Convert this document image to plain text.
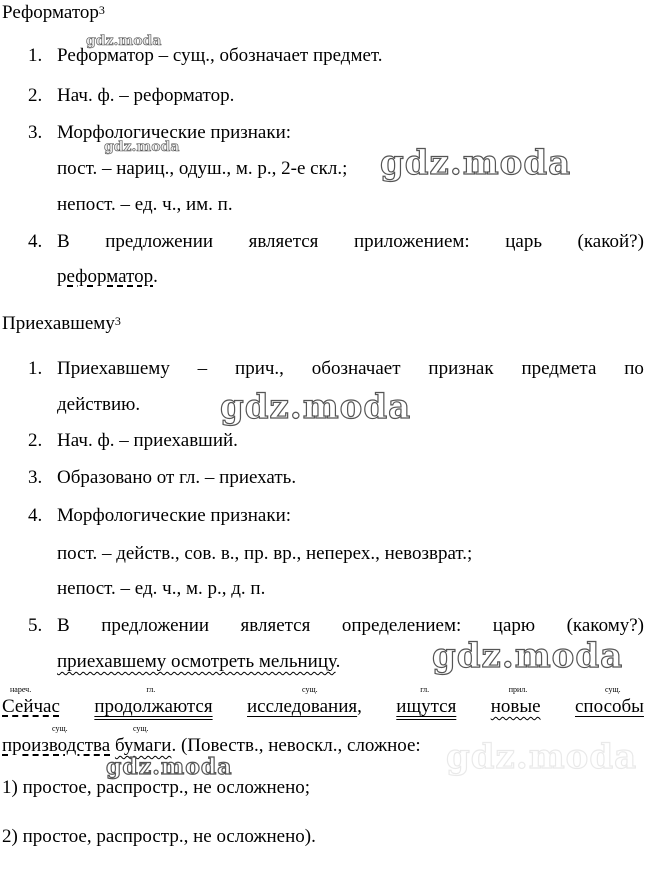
Реформатор$^3$
1. Реформатор – сущ., обозначает предмет.
2. Нач. ф. – реформатор.
3. Морфологические признаки:
пост. – нариц., одуш., м. р., 2-е скл.;
непост. – ед. ч., им. п.
4. В предложении является приложением: царь (какой?)
реформатор.
Приехавшему$^3$
1. Приехавшему – прич., обозначает признак предмета по
действию.
2. Нач. ф. – приехавший.
3. Образовано от гл. – приехать.
4. Морфологические признаки:
пост. – действ., сов. в., пр. вр., неперех., невозврат.;
непост. – ед. ч., м. р., д. п.
5. В предложении является определением: царю (какому?)
приехавшему осмотреть мельницу.
нареч.
Сейчас
гл.
продолжаются
сущ.
исследования,
гл.
ищутся
прил.
новые
сущ.
способы
сущ.
производства
сущ.
бумаги. (Повеств., невоскл., сложное:
1) простое, распростр., не осложнено;
2) простое, распростр., не осложнено).
gdz.moda
gdz.moda	gdz.moda
gdz.moda
gdz.moda
gdz.moda
gdz.moda
